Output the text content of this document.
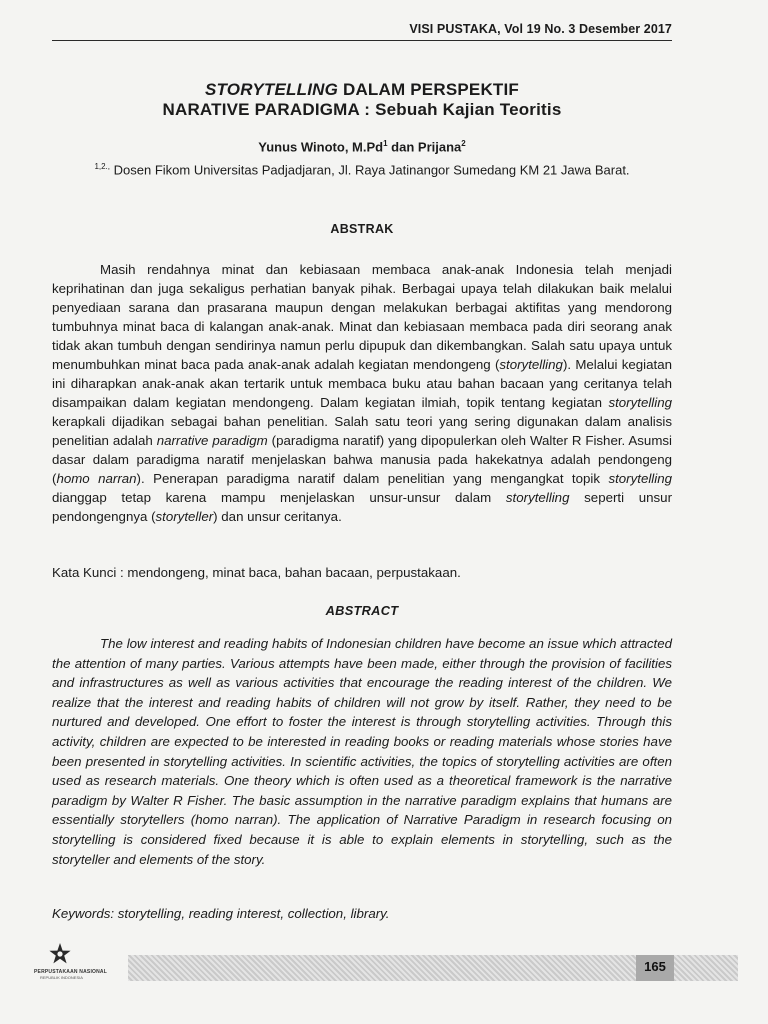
VISI PUSTAKA, Vol 19 No. 3 Desember 2017
STORYTELLING DALAM PERSPEKTIF
NARATIVE PARADIGMA : Sebuah Kajian Teoritis
Yunus Winoto, M.Pd$^1$ dan Prijana$^2$
$^{1,2.,}$ Dosen Fikom Universitas Padjadjaran, Jl. Raya Jatinangor Sumedang KM 21 Jawa Barat.
ABSTRAK
Masih rendahnya minat dan kebiasaan membaca anak-anak Indonesia telah menjadi keprihatinan dan juga sekaligus perhatian banyak pihak. Berbagai upaya telah dilakukan baik melalui penyediaan sarana dan prasarana maupun dengan melakukan berbagai aktifitas yang mendorong tumbuhnya minat baca di kalangan anak-anak. Minat dan kebiasaan membaca pada diri seorang anak tidak akan tumbuh dengan sendirinya namun perlu dipupuk dan dikembangkan. Salah satu upaya untuk menumbuhkan minat baca pada anak-anak adalah kegiatan mendongeng (storytelling). Melalui kegiatan ini diharapkan anak-anak akan tertarik untuk membaca buku atau bahan bacaan yang ceritanya telah disampaikan dalam kegiatan mendongeng. Dalam kegiatan ilmiah, topik tentang kegiatan storytelling kerapkali dijadikan sebagai bahan penelitian. Salah satu teori yang sering digunakan dalam analisis penelitian adalah narrative paradigm (paradigma naratif) yang dipopulerkan oleh Walter R Fisher. Asumsi dasar dalam paradigma naratif menjelaskan bahwa manusia pada hakekatnya adalah pendongeng (homo narran). Penerapan paradigma naratif dalam penelitian yang mengangkat topik storytelling dianggap tetap karena mampu menjelaskan unsur-unsur dalam storytelling seperti unsur pendongengnya (storyteller) dan unsur ceritanya.
Kata Kunci : mendongeng, minat baca, bahan bacaan, perpustakaan.
ABSTRACT
The low interest and reading habits of Indonesian children have become an issue which attracted the attention of many parties. Various attempts have been made, either through the provision of facilities and infrastructures as well as various activities that encourage the reading interest of the children. We realize that the interest and reading habits of children will not grow by itself. Rather, they need to be nurtured and developed. One effort to foster the interest is through storytelling activities. Through this activity, children are expected to be interested in reading books or reading materials whose stories have been presented in storytelling activities. In scientific activities, the topics of storytelling activities are often used as research materials. One theory which is often used as a theoretical framework is the narrative paradigm by Walter R Fisher. The basic assumption in the narrative paradigm explains that humans are essentially storytellers (homo narran). The application of Narrative Paradigm in research focusing on storytelling is considered fixed because it is able to explain elements in storytelling, such as the storyteller and elements of the story.
Keywords: storytelling, reading interest, collection, library.
165
PERPUSTAKAAN NASIONAL
REPUBLIK INDONESIA
